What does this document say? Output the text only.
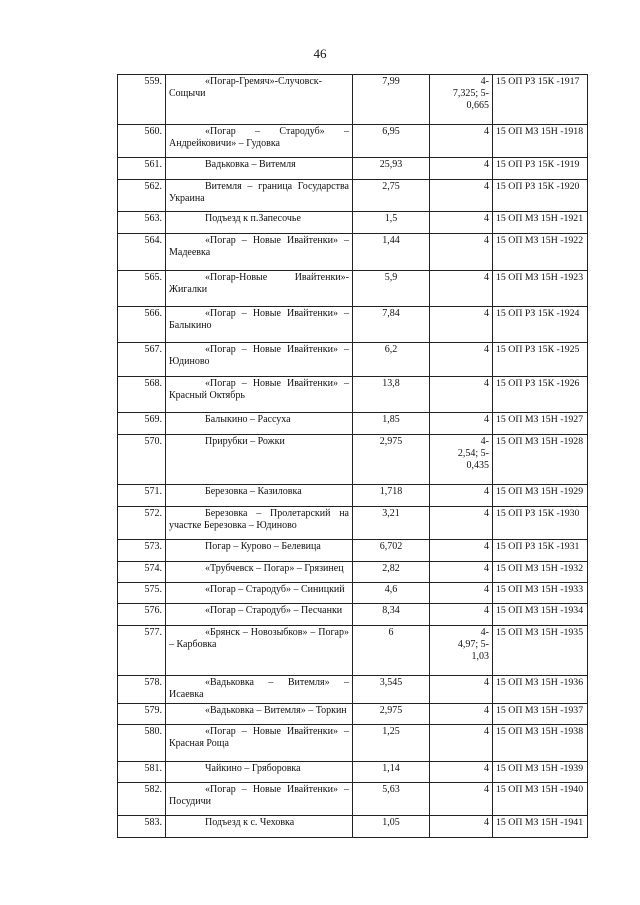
46
559.	«Погар-Гремяч»-Случовск-Сощычи	7,99	4-
7,325; 5-
0,665	15 ОП РЗ 15К -1917
560.	«Погар – Стародуб» – Андрейковичи» – Гудовка	6,95	4	15 ОП МЗ 15Н -1918
561.	Вадьковка – Витемля	25,93	4	15 ОП РЗ 15К -1919
562.	Витемля – граница Государства Украина	2,75	4	15 ОП РЗ 15К -1920
563.	Подъезд к п.Запесочье	1,5	4	15 ОП МЗ 15Н -1921
564.	«Погар – Новые Ивайтенки» – Мадеевка	1,44	4	15 ОП МЗ 15Н -1922
565.	«Погар-Новые Ивайтенки»-Жигалки	5,9	4	15 ОП МЗ 15Н -1923
566.	«Погар – Новые Ивайтенки» – Балыкино	7,84	4	15 ОП РЗ 15К -1924
567.	«Погар – Новые Ивайтенки» – Юдиново	6,2	4	15 ОП РЗ 15К -1925
568.	«Погар – Новые Ивайтенки» – Красный Октябрь	13,8	4	15 ОП РЗ 15К -1926
569.	Балыкино – Рассуха	1,85	4	15 ОП МЗ 15Н -1927
570.	Прирубки – Рожки	2,975	4-
2,54; 5-
0,435	15 ОП МЗ 15Н -1928
571.	Березовка – Казиловка	1,718	4	15 ОП МЗ 15Н -1929
572.	Березовка – Пролетарский на участке Березовка – Юдиново	3,21	4	15 ОП РЗ 15К -1930
573.	Погар – Курово – Белевица	6,702	4	15 ОП РЗ 15К -1931
574.	«Трубчевск – Погар» – Грязинец	2,82	4	15 ОП МЗ 15Н -1932
575.	«Погар – Стародуб» – Синицкий	4,6	4	15 ОП МЗ 15Н -1933
576.	«Погар – Стародуб» – Песчанки	8,34	4	15 ОП МЗ 15Н -1934
577.	«Брянск – Новозыбков» – Погар» – Карбовка	6	4-
4,97; 5-
1,03	15 ОП МЗ 15Н -1935
578.	«Вадьковка – Витемля» – Исаевка	3,545	4	15 ОП МЗ 15Н -1936
579.	«Вадьковка – Витемля» – Торкин	2,975	4	15 ОП МЗ 15Н -1937
580.	«Погар – Новые Ивайтенки» – Красная Роща	1,25	4	15 ОП МЗ 15Н -1938
581.	Чайкино – Гряборовка	1,14	4	15 ОП МЗ 15Н -1939
582.	«Погар – Новые Ивайтенки» – Посудичи	5,63	4	15 ОП МЗ 15Н -1940
583.	Подъезд к с. Чеховка	1,05	4	15 ОП МЗ 15Н -1941
